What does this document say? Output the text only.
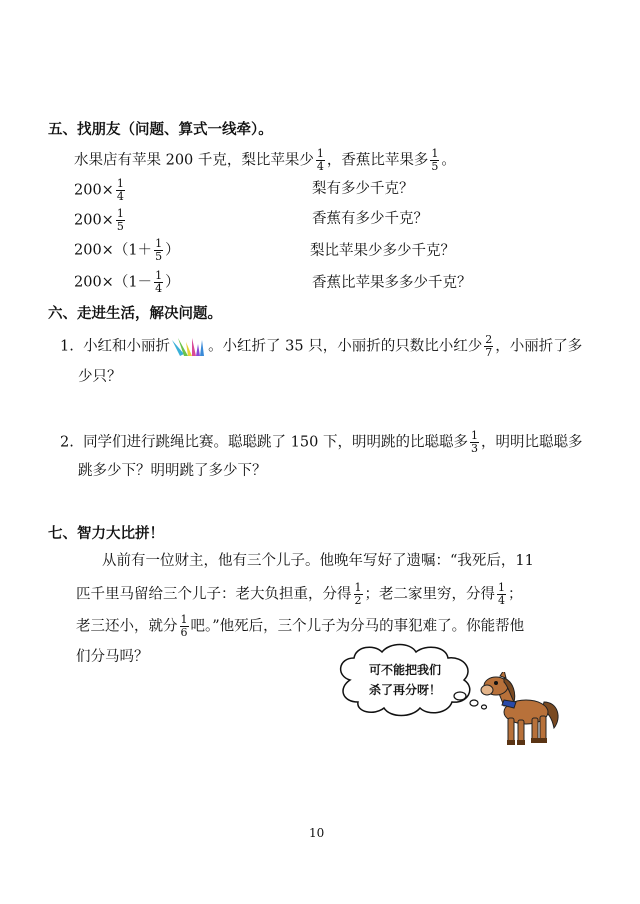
五、找朋友（问题、算式一线牵）。
水果店有苹果 200 千克，梨比苹果少 $\frac{1}{4}$ ，香蕉比苹果多 $\frac{1}{5}$ 。
$200\times \frac{1}{4}$
$200\times \frac{1}{5}$
$200\times(1+ \frac{1}{5}$ ）
$200\times(1- \frac{1}{4}$ ）
梨有多少千克？
香蕉有多少千克？
梨比苹果少多少千克？
香蕉比苹果多多少千克？
六、走进生活，解决问题。
1. 小红和小丽折	。小红折了 35 只，小丽折的只数比小红少 $\frac{2}{7}$ ，小丽折了多
少只？
2. 同学们进行跳绳比赛。聪聪跳了 150 下，明明跳的比聪聪多 $\frac{1}{3}$ ，明明比聪聪多
跳多少下？明明跳了多少下？
七、智力大比拼！
从前有一位财主，他有三个儿子。他晚年写好了遗嘱：“我死后，11
匹千里马留给三个儿子：老大负担重，分得 $\frac{1}{2}$ ；老二家里穷，分得 $\frac{1}{4}$ ；
老三还小，就分 $\frac{1}{6}$ 吧。”他死后，三个儿子为分马的事犯难了。你能帮他
们分马吗？
可不能把我们
杀了再分呀！
10
